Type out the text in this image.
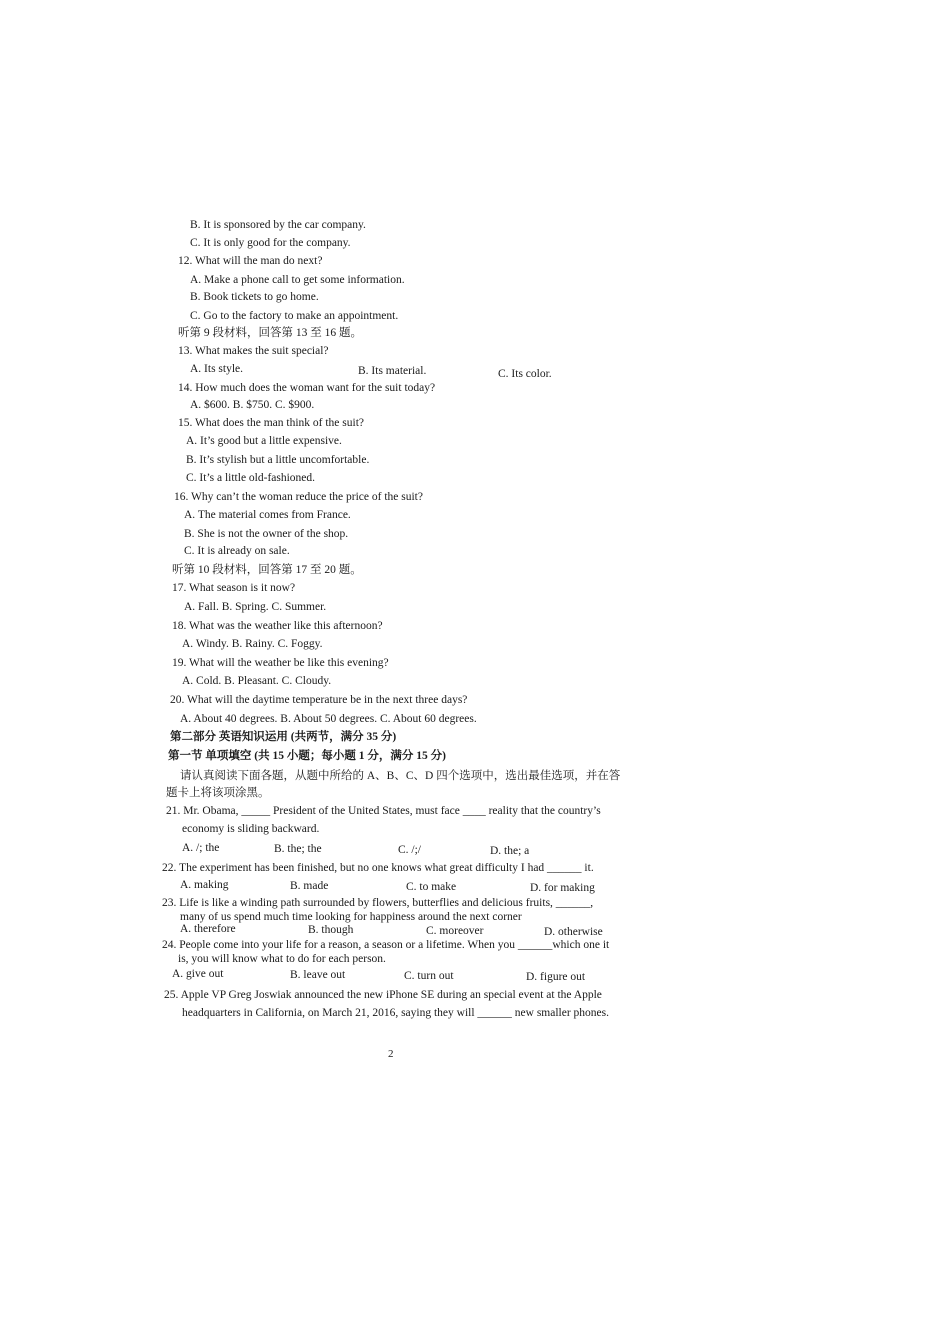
B. It is sponsored by the car company.
C. It is only good for the company.
12. What will the man do next?
A. Make a phone call to get some information.
B. Book tickets to go home.
C. Go to the factory to make an appointment.
听第 9 段材料，回答第 13 至 16 题。
13. What makes the suit special?
A. Its style.	B. Its material.	C. Its color.
14. How much does the woman want for the suit today?
A. $600. B. $750. C. $900.
15. What does the man think of the suit?
A. It’s good but a little expensive.
B. It’s stylish but a little uncomfortable.
C. It’s a little old-fashioned.
16. Why can’t the woman reduce the price of the suit?
A. The material comes from France.
B. She is not the owner of the shop.
C. It is already on sale.
听第 10 段材料，回答第 17 至 20 题。
17. What season is it now?
A. Fall. B. Spring. C. Summer.
18. What was the weather like this afternoon?
A. Windy. B. Rainy. C. Foggy.
19. What will the weather be like this evening?
A. Cold. B. Pleasant. C. Cloudy.
20. What will the daytime temperature be in the next three days?
A. About 40 degrees. B. About 50 degrees. C. About 60 degrees.
第二部分 英语知识运用 (共两节，满分 35 分)
第一节 单项填空 (共 15 小题；每小题 1 分，满分 15 分)
请认真阅读下面各题，从题中所给的 A、B、C、D 四个选项中，选出最佳选项，并在答
题卡上将该项涂黑。
21. Mr. Obama, _____ President of the United States, must face ____ reality that the country’s
economy is sliding backward.
A. /; the	B. the; the	C. /;/	D. the; a
22. The experiment has been finished, but no one knows what great difficulty I had ______ it.
A. making	B. made	C. to make	D. for making
23. Life is like a winding path surrounded by flowers, butterflies and delicious fruits, ______,
many of us spend much time looking for happiness around the next corner
A. therefore	B. though	C. moreover	D. otherwise
24. People come into your life for a reason, a season or a lifetime. When you ______which one it
is, you will know what to do for each person.
A. give out	B. leave out	C. turn out	D. figure out
25. Apple VP Greg Joswiak announced the new iPhone SE during an special event at the Apple
headquarters in California, on March 21, 2016, saying they will ______ new smaller phones.
2
